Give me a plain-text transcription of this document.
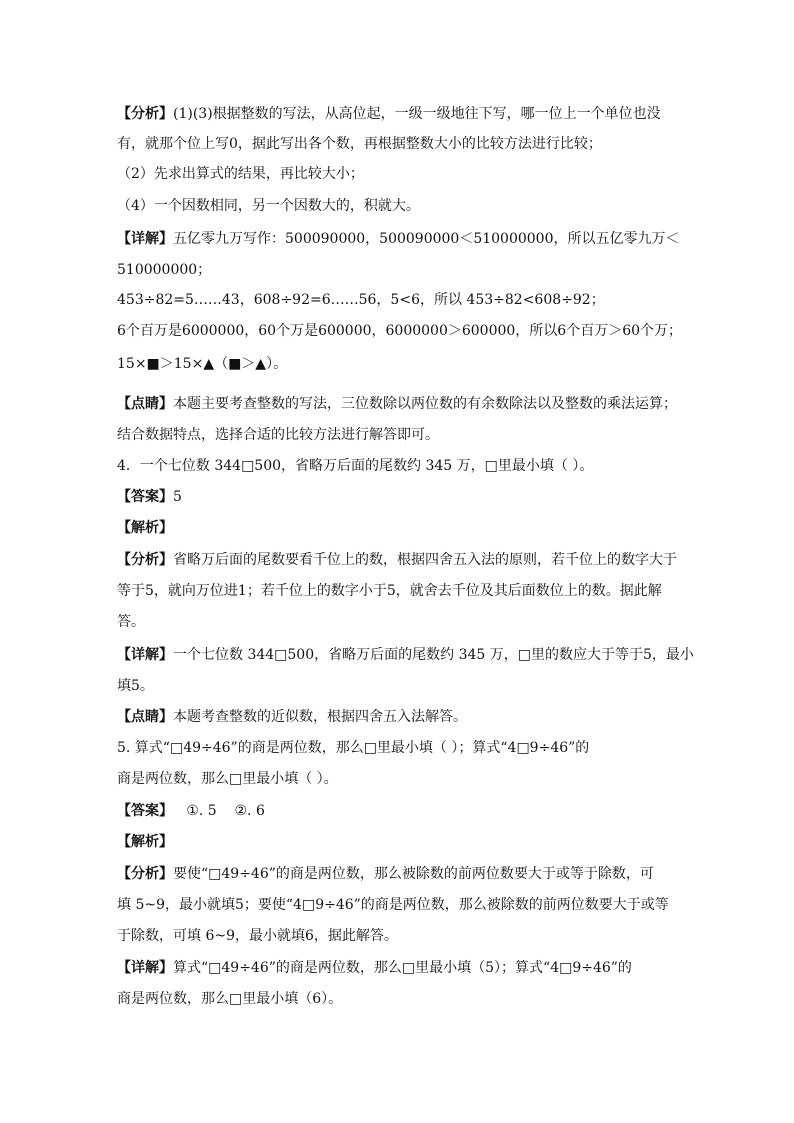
【分析】(1)(3)根据整数的写法，从高位起，一级一级地往下写，哪一位上一个单位也没
有，就那个位上写0，据此写出各个数，再根据整数大小的比较方法进行比较；
（2）先求出算式的结果，再比较大小；
（4）一个因数相同，另一个因数大的，积就大。
【详解】五亿零九万写作：500090000，500090000＜510000000，所以五亿零九万＜
510000000；
453÷82=5……43，608÷92=6……56，5<6，所以 453÷82<608÷92；
6个百万是6000000，60个万是600000，6000000＞600000，所以6个百万＞60个万；
15×■＞15×▲（■＞▲）。
【点睛】本题主要考查整数的写法，三位数除以两位数的有余数除法以及整数的乘法运算；
结合数据特点，选择合适的比较方法进行解答即可。
4．一个七位数 344□500，省略万后面的尾数约 345 万，□里最小填（ ）。
【答案】5
【解析】
【分析】省略万后面的尾数要看千位上的数，根据四舍五入法的原则，若千位上的数字大于
等于5，就向万位进1；若千位上的数字小于5，就舍去千位及其后面数位上的数。据此解
答。
【详解】一个七位数 344□500，省略万后面的尾数约 345 万，□里的数应大于等于5，最小
填5。
【点睛】本题考查整数的近似数，根据四舍五入法解答。
5. 算式“□49÷46”的商是两位数，那么□里最小填（ ）；算式“4□9÷46”的
商是两位数，那么□里最小填（ ）。
【答案】   ①. 5    ②. 6
【解析】
【分析】要使“□49÷46”的商是两位数，那么被除数的前两位数要大于或等于除数，可
填 5~9，最小就填5；要使“4□9÷46”的商是两位数，那么被除数的前两位数要大于或等
于除数，可填 6~9，最小就填6，据此解答。
【详解】算式“□49÷46”的商是两位数，那么□里最小填（5）；算式“4□9÷46”的
商是两位数，那么□里最小填（6）。
